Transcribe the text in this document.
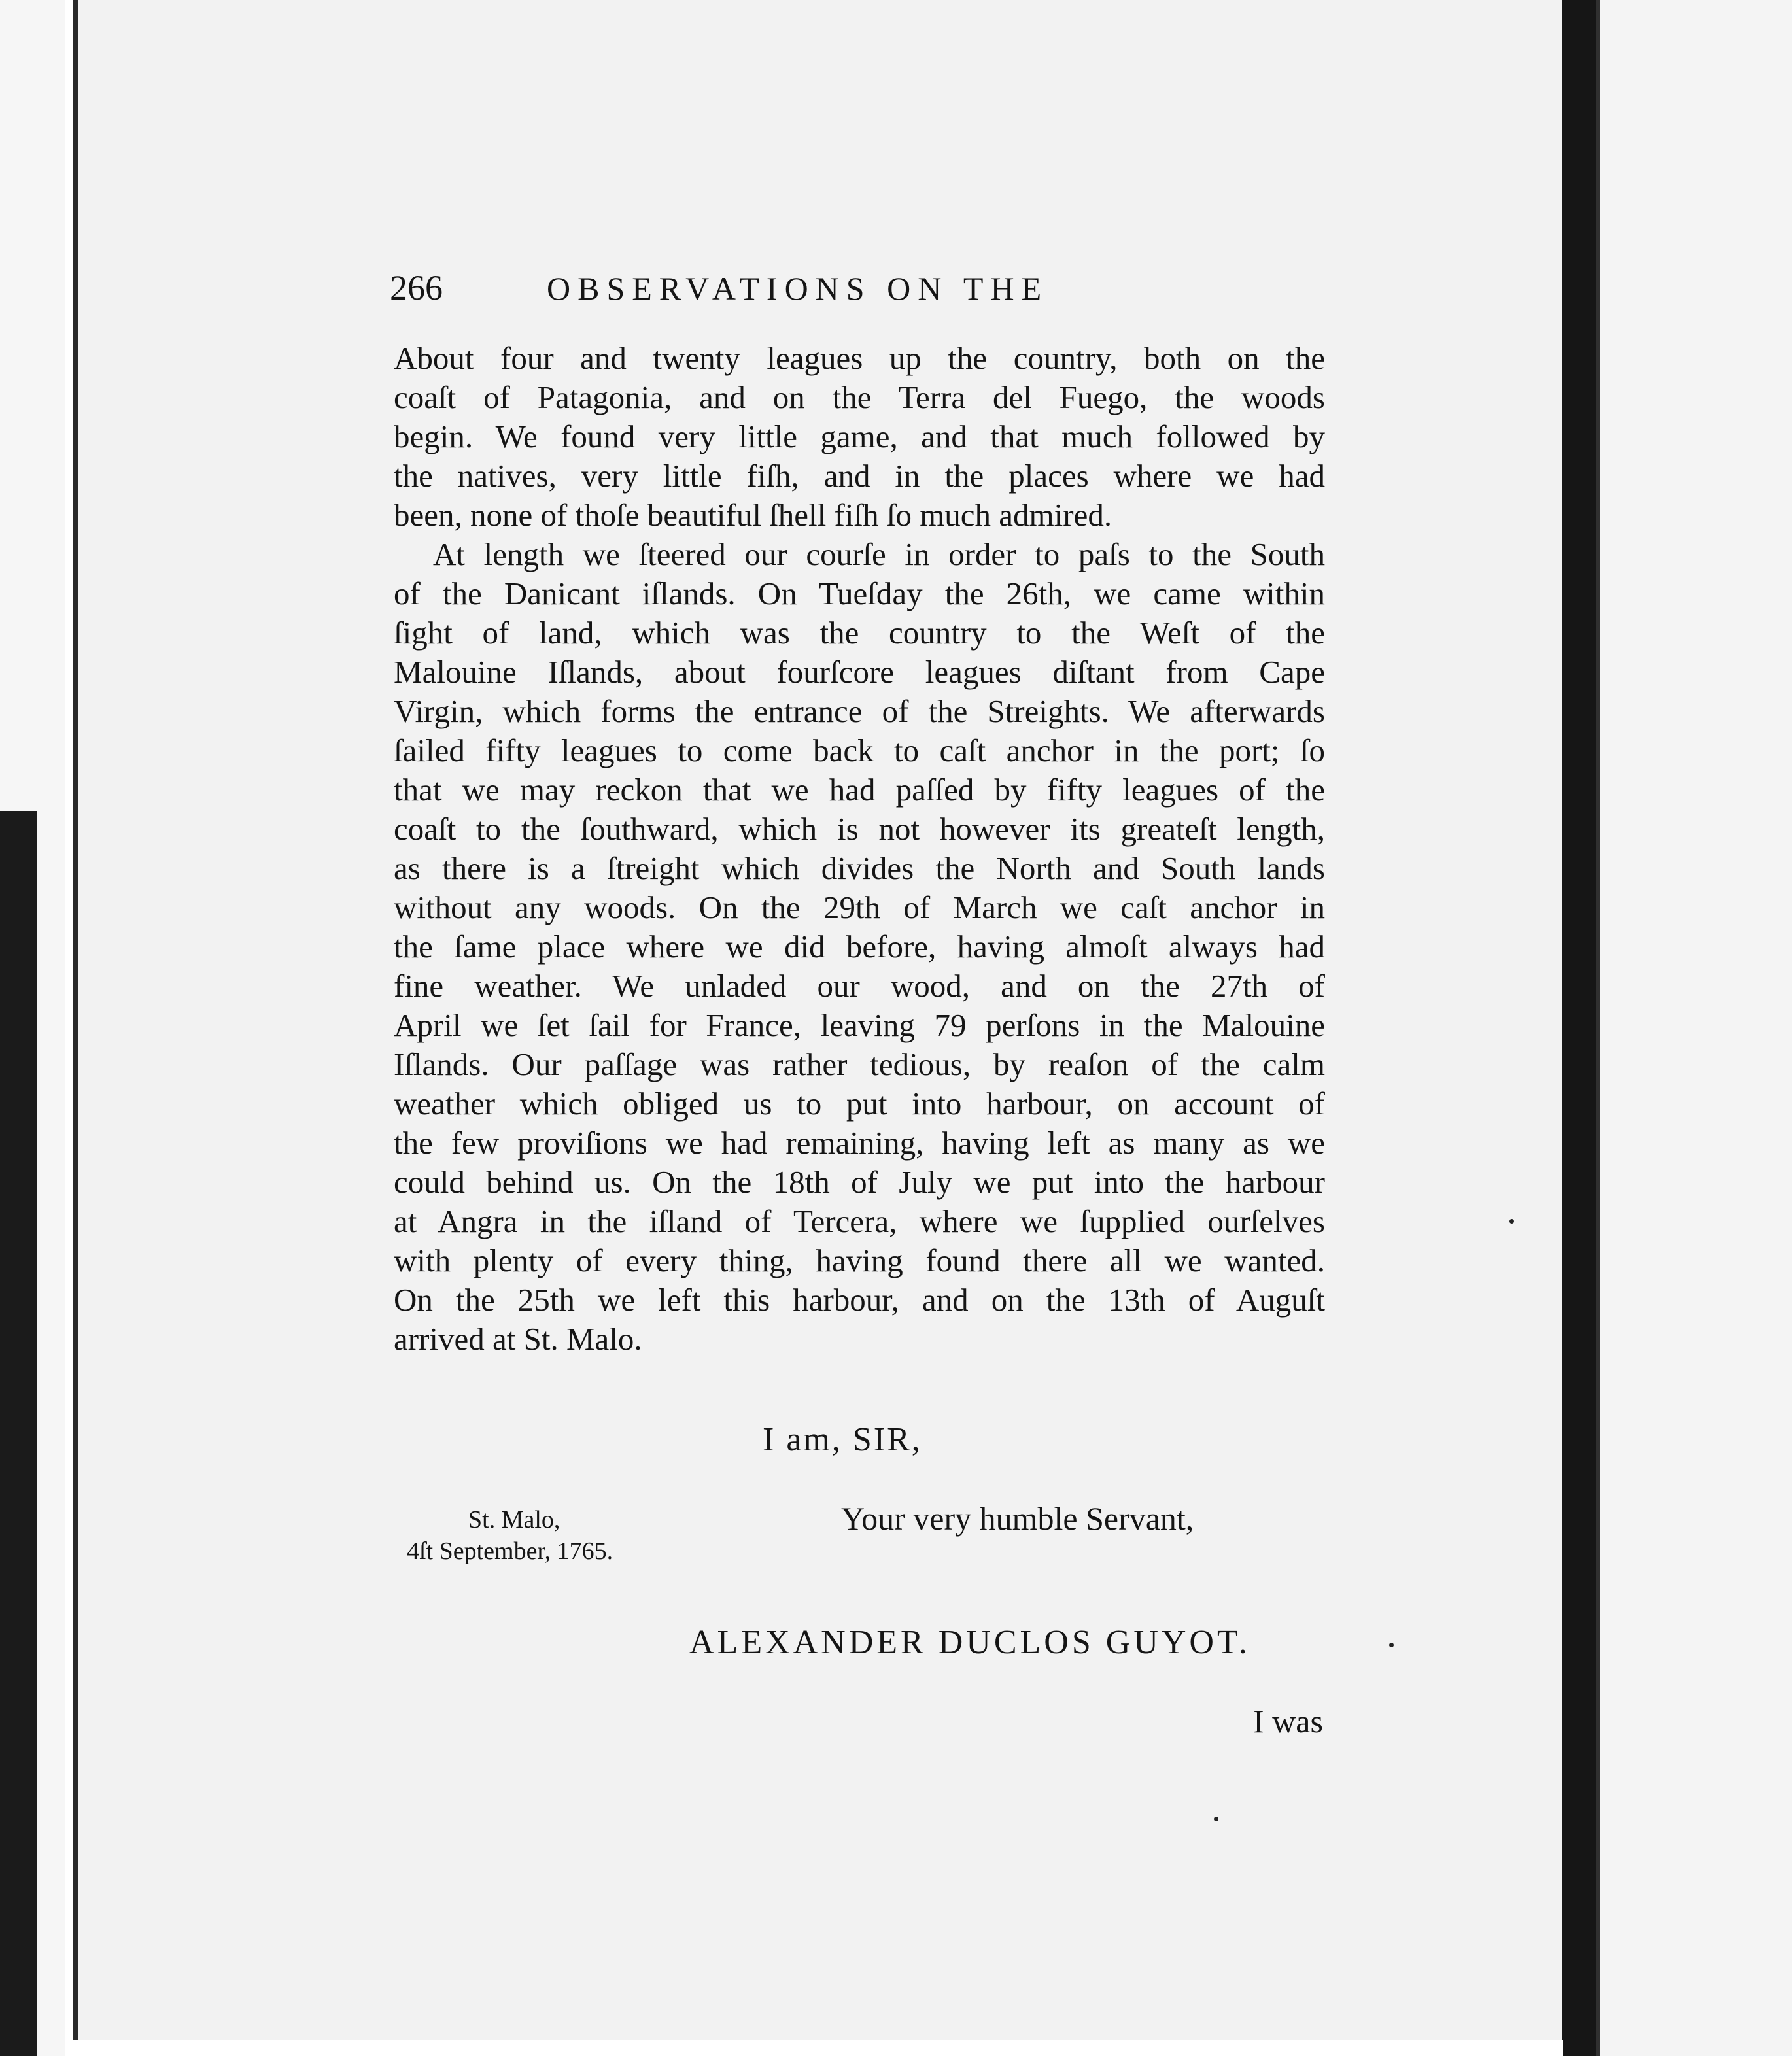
266	OBSERVATIONS ON THE
About four and twenty leagues up the country, both on the
coaſt of Patagonia, and on the Terra del Fuego, the woods
begin. We found very little game, and that much followed by
the natives, very little fiſh, and in the places where we had
been, none of thoſe beautiful ſhell fiſh ſo much admired.
At length we ſteered our courſe in order to paſs to the South
of the Danicant iſlands. On Tueſday the 26th, we came within
ſight of land, which was the country to the Weſt of the
Malouine Iſlands, about fourſcore leagues diſtant from Cape
Virgin, which forms the entrance of the Streights. We afterwards
ſailed fifty leagues to come back to caſt anchor in the port; ſo
that we may reckon that we had paſſed by fifty leagues of the
coaſt to the ſouthward, which is not however its greateſt length,
as there is a ſtreight which divides the North and South lands
without any woods. On the 29th of March we caſt anchor in
the ſame place where we did before, having almoſt always had
fine weather. We unladed our wood, and on the 27th of
April we ſet ſail for France, leaving 79 perſons in the Malouine
Iſlands. Our paſſage was rather tedious, by reaſon of the calm
weather which obliged us to put into harbour, on account of
the few proviſions we had remaining, having left as many as we
could behind us. On the 18th of July we put into the harbour
at Angra in the iſland of Tercera, where we ſupplied ourſelves
with plenty of every thing, having found there all we wanted.
On the 25th we left this harbour, and on the 13th of Auguſt
arrived at St. Malo.
I am, SIR,
St. Malo,
4ſt September, 1765.
Your very humble Servant,
ALEXANDER DUCLOS GUYOT.
I was
